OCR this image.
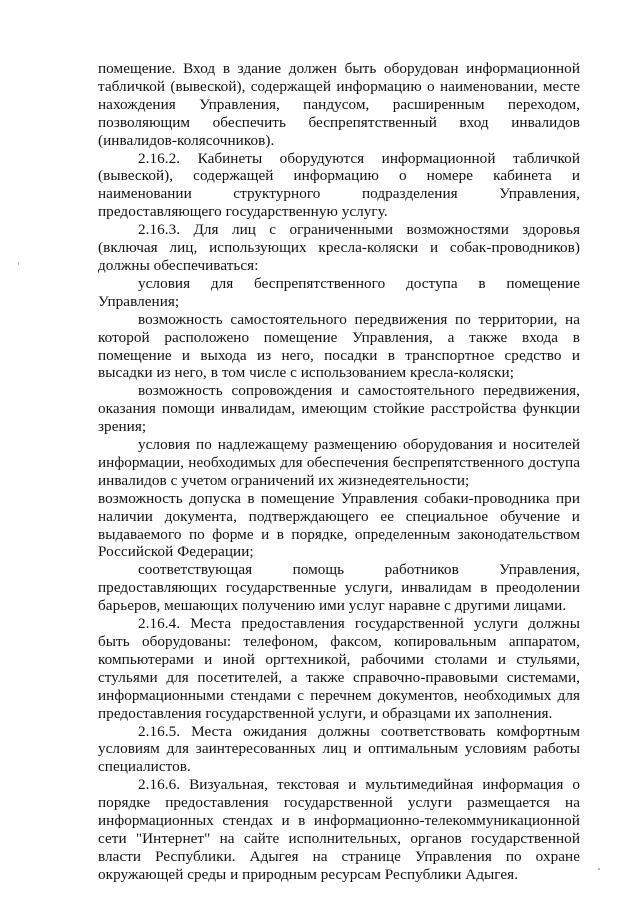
помещение. Вход в здание должен быть оборудован информационной табличкой (вывеской), содержащей информацию о наименовании, месте нахождения Управления, пандусом, расширенным переходом, позволяющим обеспечить беспрепятственный вход инвалидов (инвалидов-колясочников).

2.16.2. Кабинеты оборудуются информационной табличкой (вывеской), содержащей информацию о номере кабинета и наименовании структурного подразделения Управления, предоставляющего государственную услугу.

2.16.3. Для лиц с ограниченными возможностями здоровья (включая лиц, использующих кресла-коляски и собак-проводников) должны обеспечиваться:

условия для беспрепятственного доступа в помещение Управления;

возможность самостоятельного передвижения по территории, на которой расположено помещение Управления, а также входа в помещение и выхода из него, посадки в транспортное средство и высадки из него, в том числе с использованием кресла-коляски;

возможность сопровождения и самостоятельного передвижения, оказания помощи инвалидам, имеющим стойкие расстройства функции зрения;

условия по надлежащему размещению оборудования и носителей информации, необходимых для обеспечения беспрепятственного доступа инвалидов с учетом ограничений их жизнедеятельности;

возможность допуска в помещение Управления собаки-проводника при наличии документа, подтверждающего ее специальное обучение и выдаваемого по форме и в порядке, определенным законодательством Российской Федерации;

соответствующая помощь работников Управления, предоставляющих государственные услуги, инвалидам в преодолении барьеров, мешающих получению ими услуг наравне с другими лицами.

2.16.4. Места предоставления государственной услуги должны быть оборудованы: телефоном, факсом, копировальным аппаратом, компьютерами и иной оргтехникой, рабочими столами и стульями, стульями для посетителей, а также справочно-правовыми системами, информационными стендами с перечнем документов, необходимых для предоставления государственной услуги, и образцами их заполнения.

2.16.5. Места ожидания должны соответствовать комфортным условиям для заинтересованных лиц и оптимальным условиям работы специалистов.

2.16.6. Визуальная, текстовая и мультимедийная информация о порядке предоставления государственной услуги размещается на информационных стендах и в информационно-телекоммуникационной сети "Интернет" на сайте исполнительных, органов государственной власти Республики. Адыгея на странице Управления по охране окружающей среды и природным ресурсам Республики Адыгея.
